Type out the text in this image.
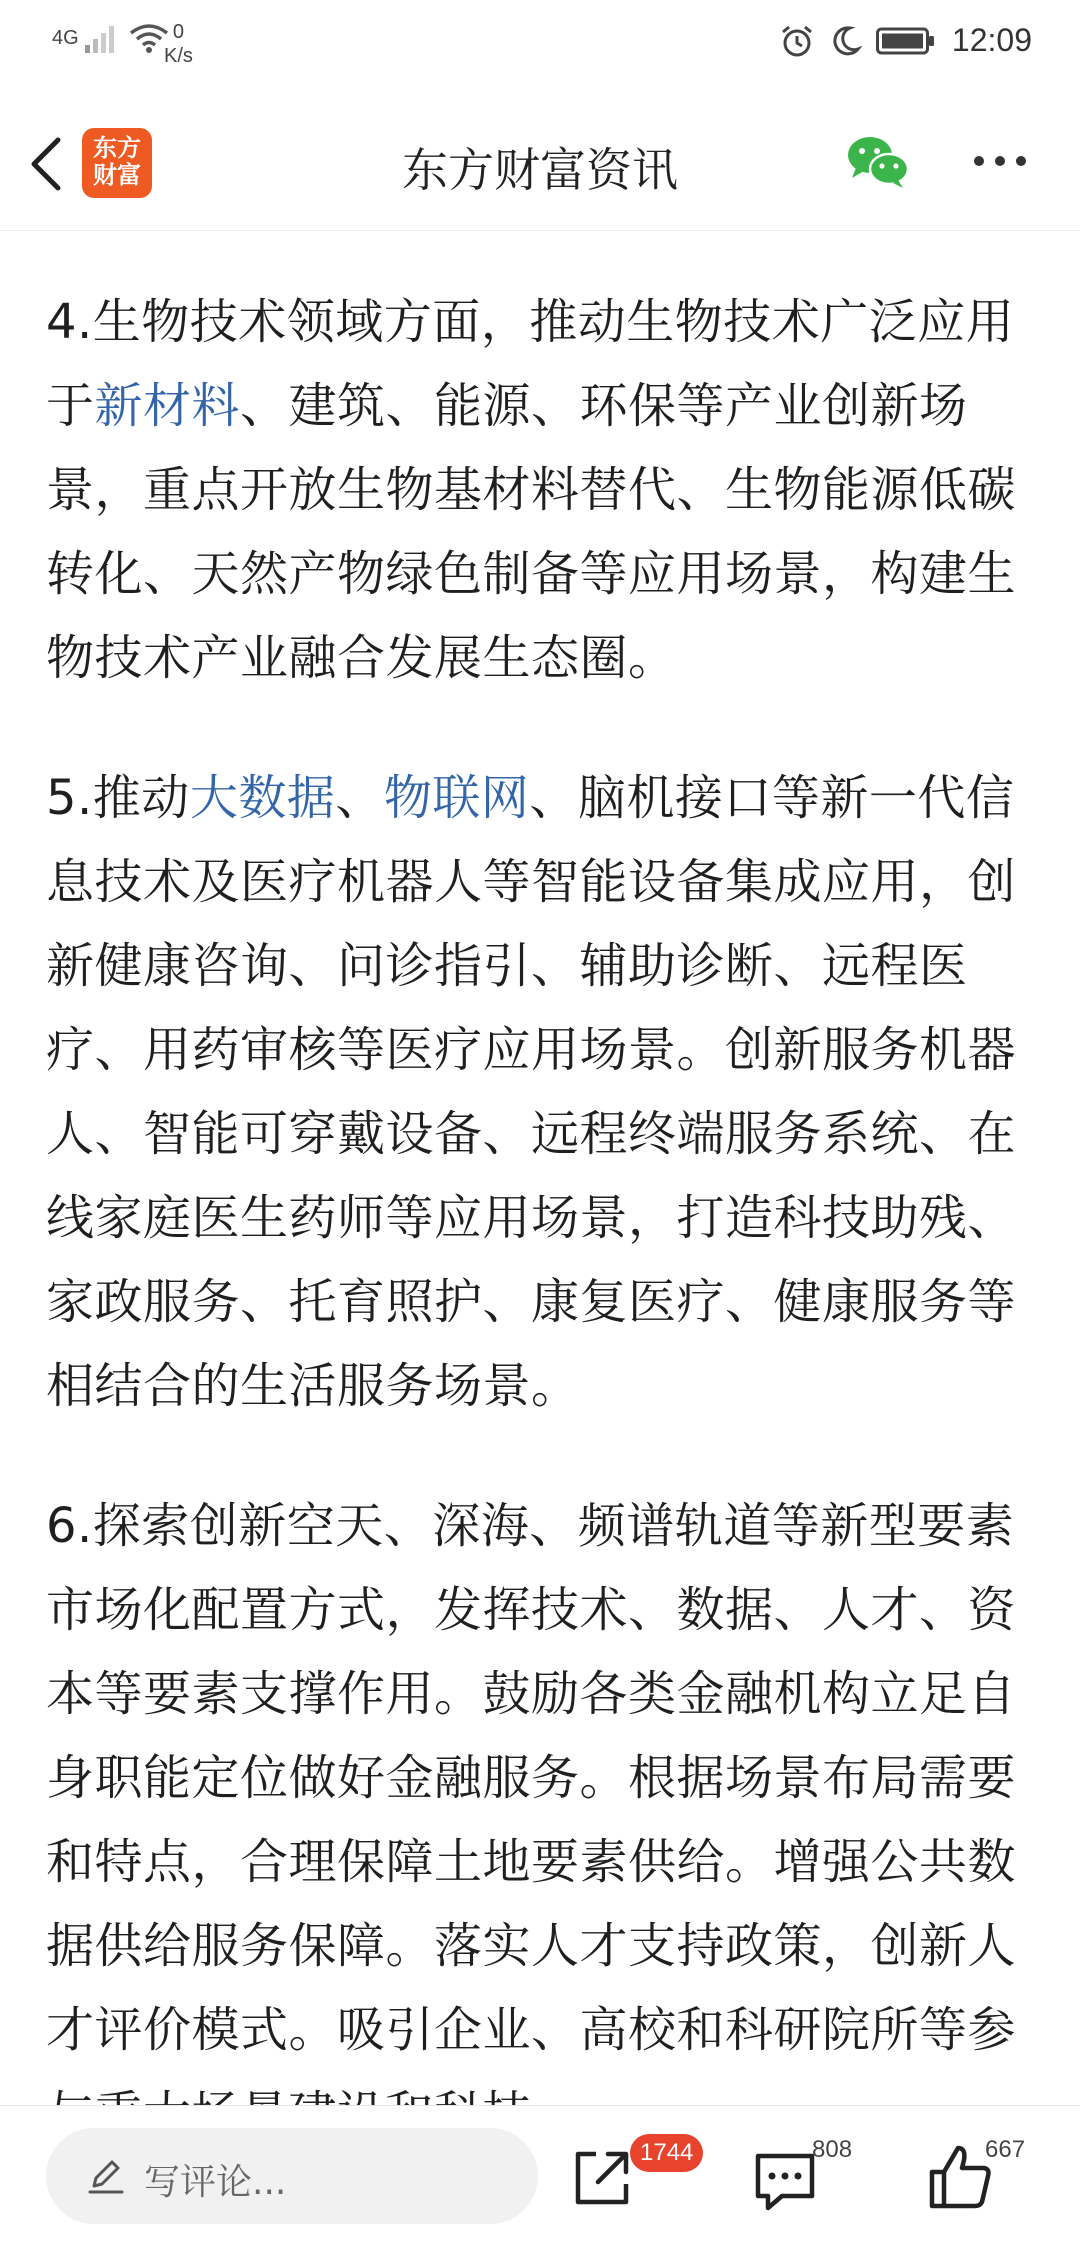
4G	0
K/s	12:09
东方
财富	东方财富资讯

4.生物技术领域方面，推动生物技术广泛应用于新材料、建筑、能源、环保等产业创新场景，重点开放生物基材料替代、生物能源低碳转化、天然产物绿色制备等应用场景，构建生物技术产业融合发展生态圈。

5.推动大数据、物联网、脑机接口等新一代信息技术及医疗机器人等智能设备集成应用，创新健康咨询、问诊指引、辅助诊断、远程医疗、用药审核等医疗应用场景。创新服务机器人、智能可穿戴设备、远程终端服务系统、在线家庭医生药师等应用场景，打造科技助残、家政服务、托育照护、康复医疗、健康服务等相结合的生活服务场景。

6.探索创新空天、深海、频谱轨道等新型要素市场化配置方式，发挥技术、数据、人才、资本等要素支撑作用。鼓励各类金融机构立足自身职能定位做好金融服务。根据场景布局需要和特点，合理保障土地要素供给。增强公共数据供给服务保障。落实人才支持政策，创新人才评价模式。吸引企业、高校和科研院所等参

写评论...
1744	808	667
